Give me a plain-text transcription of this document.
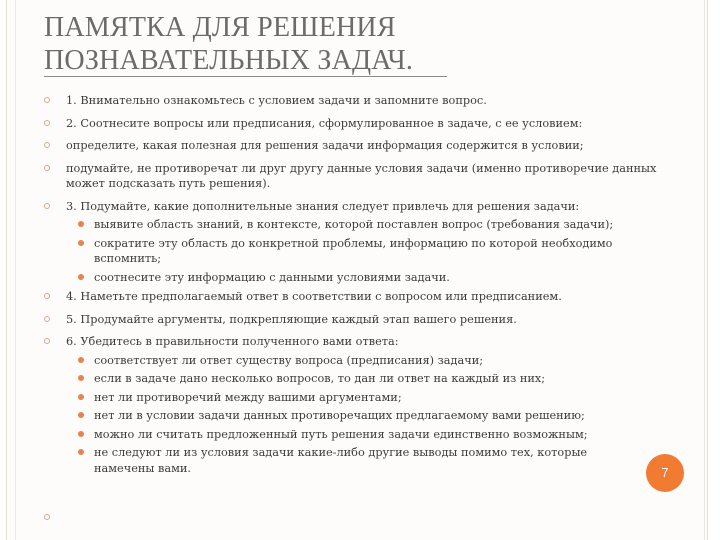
ПАМЯТКА ДЛЯ РЕШЕНИЯ
ПОЗНАВАТЕЛЬНЫХ ЗАДАЧ.
1. Внимательно ознакомьтесь с условием задачи и запомните вопрос.
2. Соотнесите вопросы или предписания, сформулированное в задаче, с ее условием:
определите, какая полезная для решения задачи информация содержится в условии;
подумайте, не противоречат ли друг другу данные условия задачи (именно противоречие данных может подсказать путь решения).
3. Подумайте, какие дополнительные знания следует привлечь для решения задачи:
выявите область знаний, в контексте, которой поставлен вопрос (требования задачи);
сократите эту область до конкретной проблемы, информацию по которой необходимо вспомнить;
соотнесите эту информацию с данными условиями задачи.
4. Наметьте предполагаемый ответ в соответствии с вопросом или предписанием.
5. Продумайте аргументы, подкрепляющие каждый этап вашего решения.
6. Убедитесь в правильности полученного вами ответа:
соответствует ли ответ существу вопроса (предписания) задачи;
если в задаче дано несколько вопросов, то дан ли ответ на каждый из них;
нет ли противоречий между вашими аргументами;
нет ли в условии задачи данных противоречащих предлагаемому вами решению;
можно ли считать предложенный путь решения задачи единственно возможным;
не следуют ли из условия задачи какие-либо другие выводы помимо тех, которые намечены вами.	7
